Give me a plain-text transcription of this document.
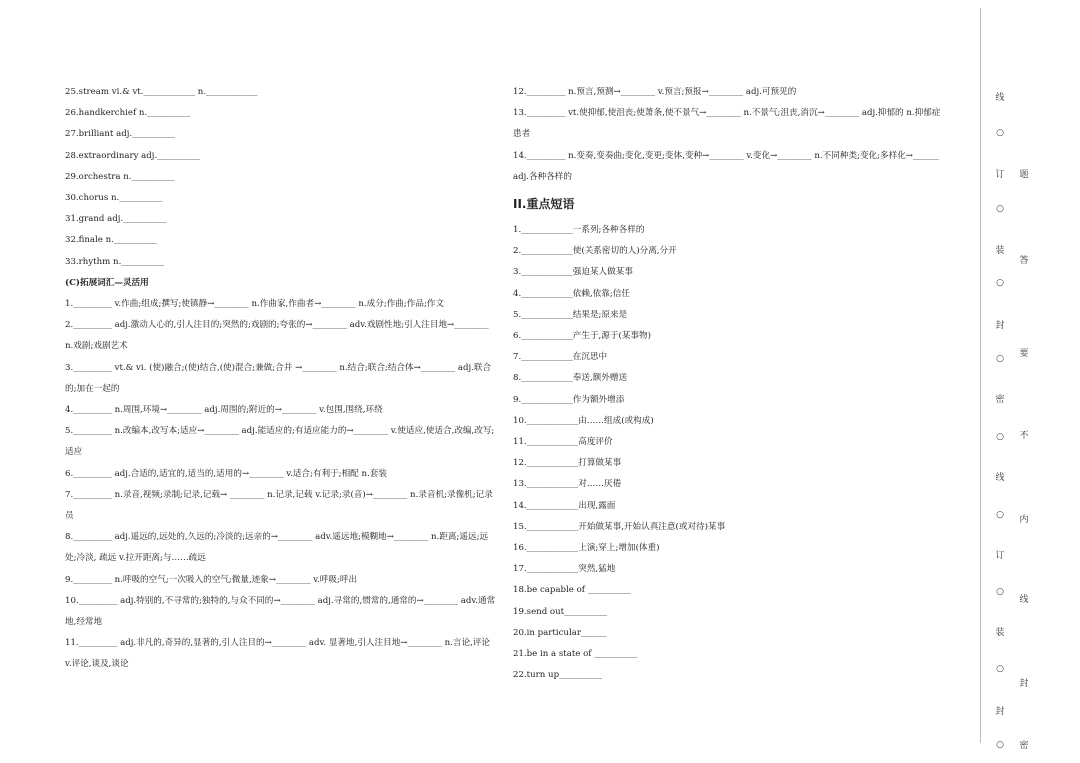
25.stream vi.& vt.____________ n.____________
26.handkerchief n.__________
27.brilliant adj.__________
28.extraordinary adj.__________
29.orchestra n.__________
30.chorus n.__________
31.grand adj.__________
32.finale n.__________
33.rhythm n.__________
(C)拓展词汇—灵活用
1._________ v.作曲;组成;撰写;使镇静→________ n.作曲家,作曲者→________ n.成分;作曲;作品;作文
2._________ adj.激动人心的,引人注目的;突然的;戏剧的;夸张的→________ adv.戏剧性地;引人注目地→________ n.戏剧;戏剧艺术
3._________ vt.& vi. (使)融合;(使)结合,(使)混合;兼做;合并 →________ n.结合;联合;结合体→________ adj.联合的;加在一起的
4._________ n.周围,环境→________ adj.周围的;附近的→________ v.包围,围绕,环绕
5._________ n.改编本,改写本;适应→________ adj.能适应的;有适应能力的→________ v.使适应,使适合,改编,改写;适应
6._________ adj.合适的,适宜的,适当的,适用的→________ v.适合;有利于;相配 n.套装
7._________ n.录音,视频;录制;记录,记载→ ________ n.记录,记载 v.记录;录(音)→________ n.录音机;录像机;记录员
8._________ adj.遥远的,远处的,久远的;冷淡的;远亲的→________ adv.遥远地;模糊地→________ n.距离;遥远;远处;冷淡, 疏远 v.拉开距离;与……疏远
9._________ n.呼吸的空气;一次吸入的空气;微量,迹象→________ v.呼吸;呼出
10._________ adj.特别的,不寻常的;独特的,与众不同的→________ adj.寻常的,惯常的,通常的→________ adv.通常地,经常地
11._________ adj.非凡的,奇异的,显著的,引人注目的→________ adv. 显著地,引人注目地→________ n.言论,评论 v.评论,谈及,谈论
12._________ n.预言,预测→________ v.预言;预报→________ adj.可预见的
13._________ vt.使抑郁,使沮丧;使萧条,使不景气→________ n.不景气;沮丧,消沉→________ adj.抑郁的 n.抑郁症患者
14._________ n.变奏,变奏曲;变化,变更;变体,变种→________ v.变化→________ n.不同种类;变化;多样化→______ adj.各种各样的
II.重点短语
1.____________一系列;各种各样的
2.____________使(关系密切的人)分离,分开
3.____________强迫某人做某事
4.____________依赖,依靠;信任
5.____________结果是;原来是
6.____________产生于,源于(某事物)
7.____________在沉思中
8.____________奉送,额外赠送
9.____________作为额外增添
10.____________由……组成(或构成)
11.____________高度评价
12.____________打算做某事
13.____________对……厌倦
14.____________出现,露面
15.____________开始做某事,开始认真注意(或对待)某事
16.____________上演;穿上;增加(体重)
17.____________突然,猛地
18.be capable of __________
19.send out__________
20.in particular______
21.be in a state of __________
22.turn up__________
线
○
订
○
装
○
封
○
密
○
线
○
订
○
装
○
封
○
题
答
要
不
内
线
封
密
